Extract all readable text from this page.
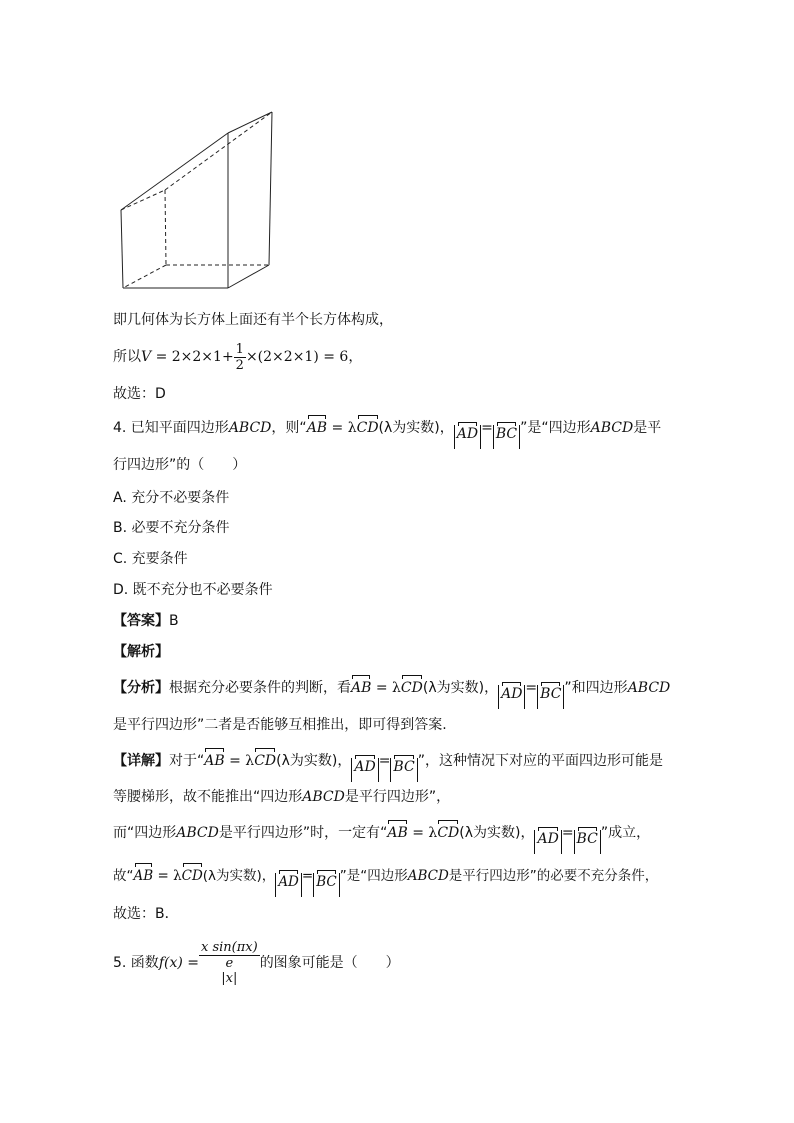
即几何体为长方体上面还有半个长方体构成，
所以$V = 2\times 2\times 1+ \frac{1}{2} \times(2\times 2\times 1) = 6$，
故选：D
4. 已知平面四边形ABCD，则“AB = λCD(λ为实数)， AD = BC ”是“四边形ABCD是平
行四边形”的（　　）
A. 充分不必要条件
B. 必要不充分条件
C. 充要条件
D. 既不充分也不必要条件
【答案】B
【解析】
【分析】根据充分必要条件的判断，看AB = λCD(λ为实数)， AD = BC ”和四边形ABCD
是平行四边形”二者是否能够互相推出，即可得到答案.
【详解】对于“AB = λCD(λ为实数)， AD = BC ”，这种情况下对应的平面四边形可能是
等腰梯形，故不能推出“四边形ABCD是平行四边形”，
而“四边形ABCD是平行四边形”时，一定有“AB = λCD(λ为实数)， AD = BC ”成立，
故“AB = λCD(λ为实数)， AD = BC ”是“四边形ABCD是平行四边形”的必要不充分条件，
故选：B．
5. 函数f(x) = x sin(πx)
e
|x| 的图象可能是（　　）
